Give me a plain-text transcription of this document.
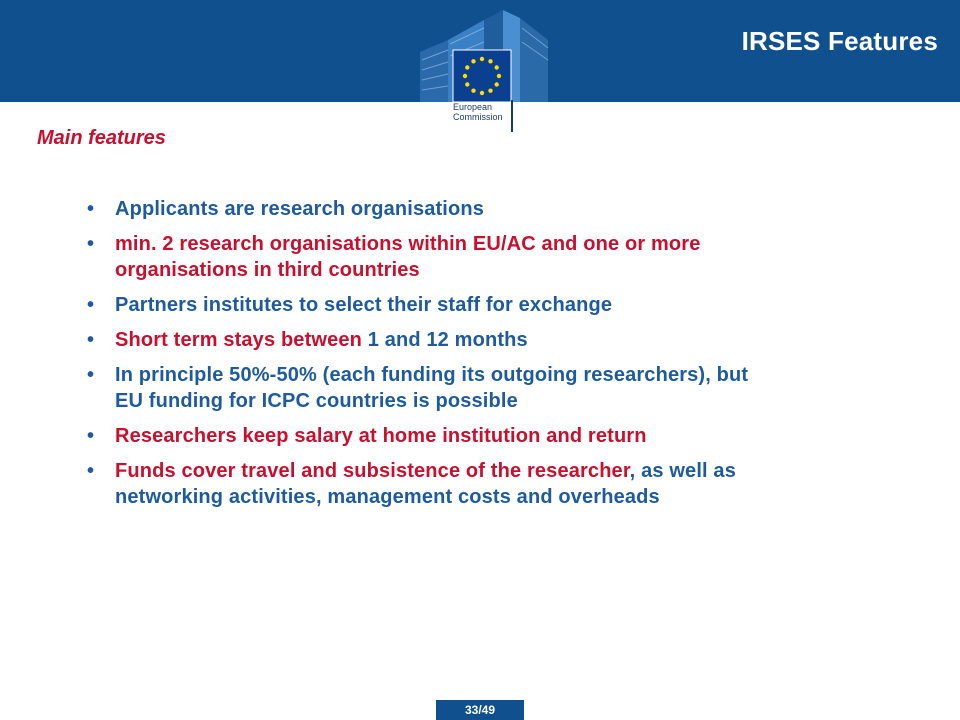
European
Commission
IRSES Features
Main features
• Applicants are research organisations
• min. 2 research organisations within EU/AC and one or more organisations in third countries
• Partners institutes to select their staff for exchange
• Short term stays between 1 and 12 months
• In principle 50%-50% (each funding its outgoing researchers), but EU funding for ICPC countries is possible
• Researchers keep salary at home institution and return
• Funds cover travel and subsistence of the researcher, as well as networking activities, management costs and overheads
33/49
